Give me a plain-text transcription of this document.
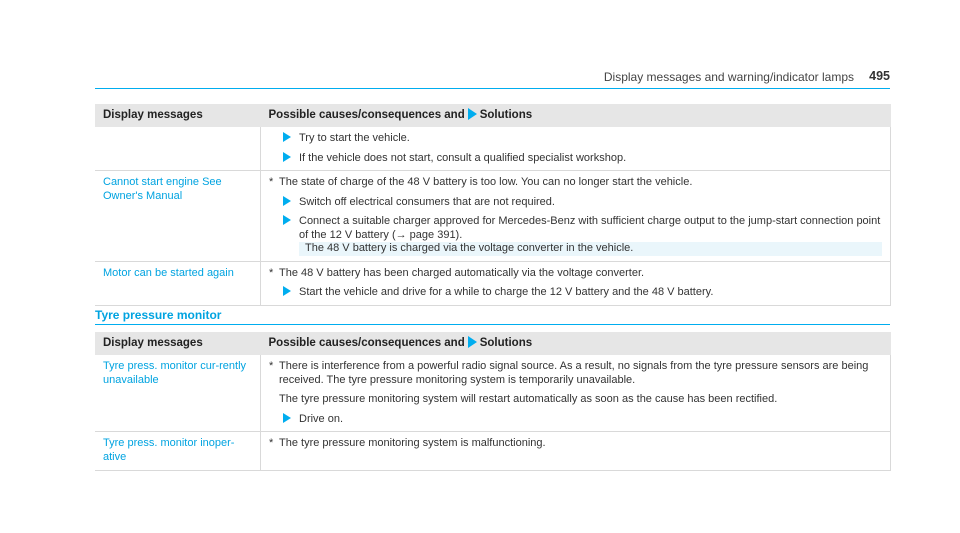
Display messages and warning/indicator lamps 495
Display messages	Possible causes/consequences and Solutions

	Try to start the vehicle.
If the vehicle does not start, consult a qualified specialist workshop.

Cannot start engine See Owner's Manual	* The state of charge of the 48 V battery is too low. You can no longer start the vehicle.
Switch off electrical consumers that are not required.
Connect a suitable charger approved for Mercedes-Benz with sufficient charge output to the jump-start connection point of the 12 V battery (→ page 391).
The 48 V battery is charged via the voltage converter in the vehicle.

Motor can be started again	* The 48 V battery has been charged automatically via the voltage converter.
Start the vehicle and drive for a while to charge the 12 V battery and the 48 V battery.
Tyre pressure monitor
Display messages	Possible causes/consequences and Solutions
Tyre press. monitor cur-rently unavailable	* There is interference from a powerful radio signal source. As a result, no signals from the tyre pressure sensors are being received. The tyre pressure monitoring system is temporarily unavailable.
The tyre pressure monitoring system will restart automatically as soon as the cause has been rectified.
Drive on.

Tyre press. monitor inoper-ative	* The tyre pressure monitoring system is malfunctioning.
